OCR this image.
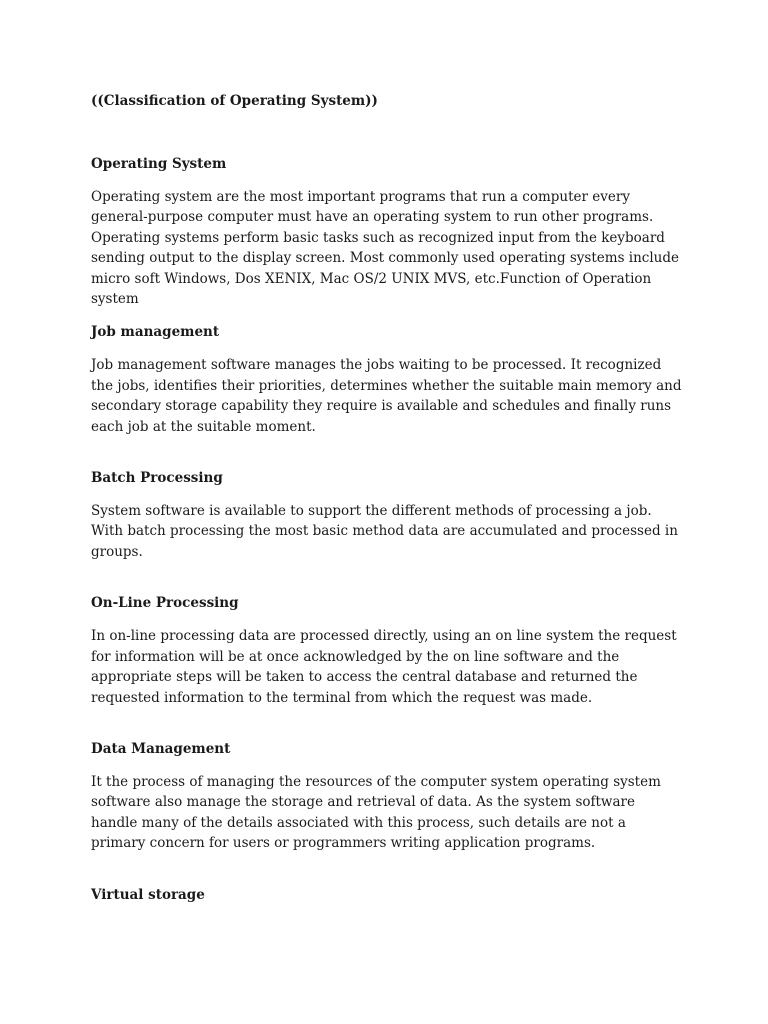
((Classification of Operating System))

Operating System

Operating system are the most important programs that run a computer every general-purpose computer must have an operating system to run other programs. Operating systems perform basic tasks such as recognized input from the keyboard sending output to the display screen. Most commonly used operating systems include micro soft Windows, Dos XENIX, Mac OS/2 UNIX MVS, etc.Function of Operation system

Job management

Job management software manages the jobs waiting to be processed. It recognized the jobs, identifies their priorities, determines whether the suitable main memory and secondary storage capability they require is available and schedules and finally runs each job at the suitable moment.

Batch Processing

System software is available to support the different methods of processing a job. With batch processing the most basic method data are accumulated and processed in groups.

On-Line Processing

In on-line processing data are processed directly, using an on line system the request for information will be at once acknowledged by the on line software and the appropriate steps will be taken to access the central database and returned the requested information to the terminal from which the request was made.

Data Management

It the process of managing the resources of the computer system operating system software also manage the storage and retrieval of data. As the system software handle many of the details associated with this process, such details are not a primary concern for users or programmers writing application programs.

Virtual storage
